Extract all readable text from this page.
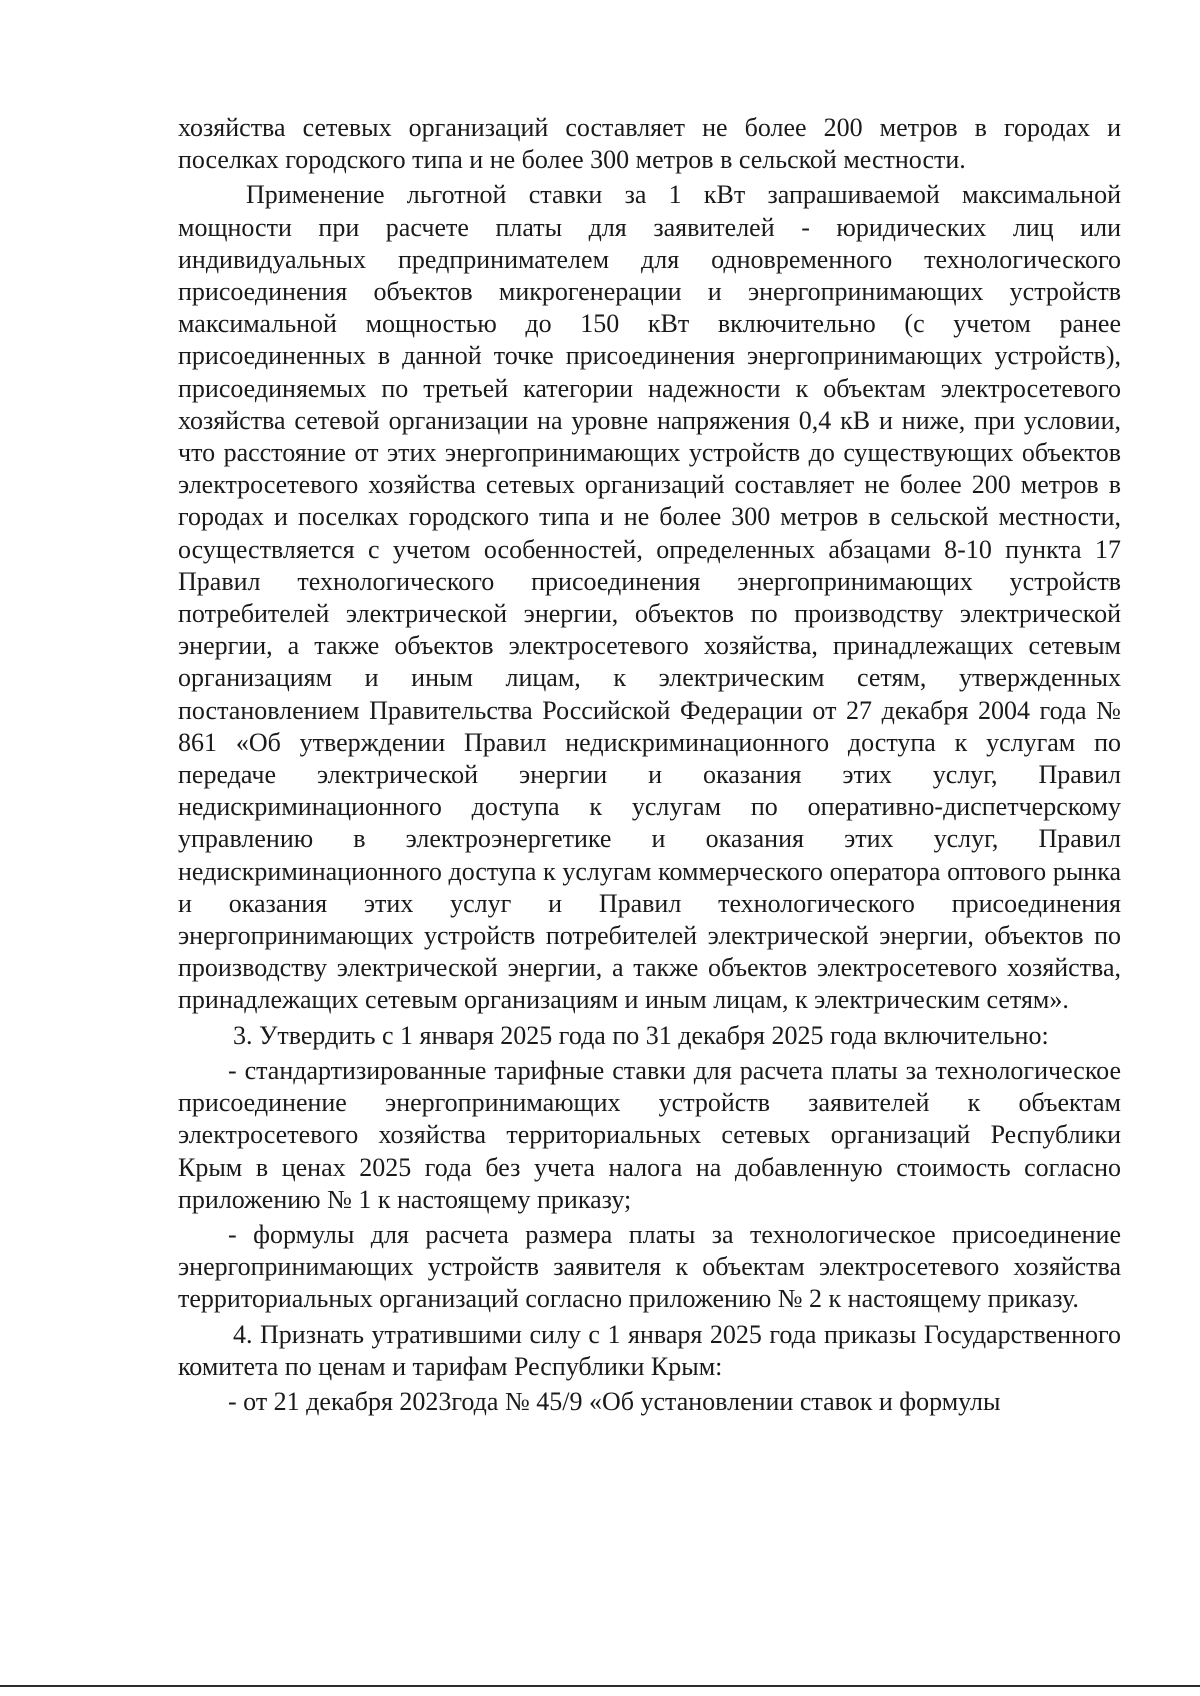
хозяйства сетевых организаций составляет не более 200 метров в городах и поселках городского типа и не более 300 метров в сельской местности.

Применение льготной ставки за 1 кВт запрашиваемой максимальной мощности при расчете платы для заявителей - юридических лиц или индивидуальных предпринимателем для одновременного технологического присоединения объектов микрогенерации и энергопринимающих устройств максимальной мощностью до 150 кВт включительно (с учетом ранее присоединенных в данной точке присоединения энергопринимающих устройств), присоединяемых по третьей категории надежности к объектам электросетевого хозяйства сетевой организации на уровне напряжения 0,4 кВ и ниже, при условии, что расстояние от этих энергопринимающих устройств до существующих объектов электросетевого хозяйства сетевых организаций составляет не более 200 метров в городах и поселках городского типа и не более 300 метров в сельской местности, осуществляется с учетом особенностей, определенных абзацами 8-10 пункта 17 Правил технологического присоединения энергопринимающих устройств потребителей электрической энергии, объектов по производству электрической энергии, а также объектов электросетевого хозяйства, принадлежащих сетевым организациям и иным лицам, к электрическим сетям, утвержденных постановлением Правительства Российской Федерации от 27 декабря 2004 года № 861 «Об утверждении Правил недискриминационного доступа к услугам по передаче электрической энергии и оказания этих услуг, Правил недискриминационного доступа к услугам по оперативно-диспетчерскому управлению в электроэнергетике и оказания этих услуг, Правил недискриминационного доступа к услугам коммерческого оператора оптового рынка и оказания этих услуг и Правил технологического присоединения энергопринимающих устройств потребителей электрической энергии, объектов по производству электрической энергии, а также объектов электросетевого хозяйства, принадлежащих сетевым организациям и иным лицам, к электрическим сетям».

3. Утвердить с 1 января 2025 года по 31 декабря 2025 года включительно:

- стандартизированные тарифные ставки для расчета платы за технологическое присоединение энергопринимающих устройств заявителей к объектам электросетевого хозяйства территориальных сетевых организаций Республики Крым в ценах 2025 года без учета налога на добавленную стоимость согласно приложению № 1 к настоящему приказу;

- формулы для расчета размера платы за технологическое присоединение энергопринимающих устройств заявителя к объектам электросетевого хозяйства территориальных организаций согласно приложению № 2 к настоящему приказу.

4. Признать утратившими силу с 1 января 2025 года приказы Государственного комитета по ценам и тарифам Республики Крым:

- от 21 декабря 2023года № 45/9 «Об установлении ставок и формулы
